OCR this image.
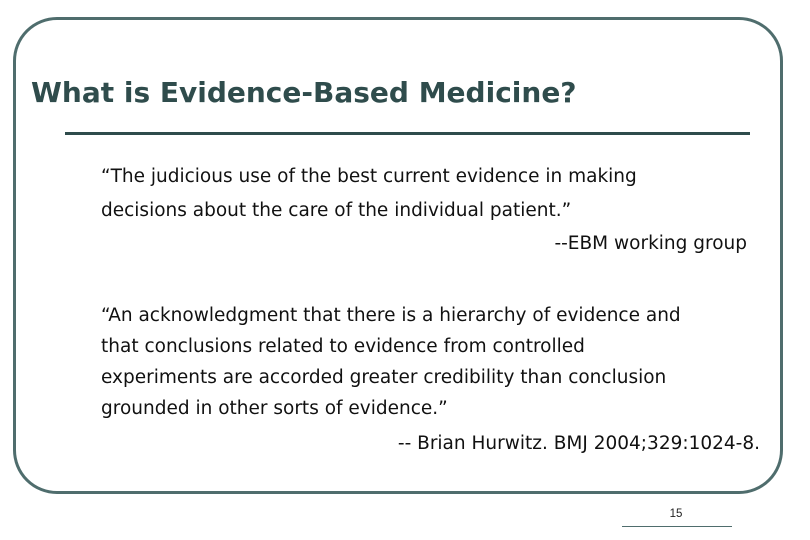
What is Evidence-Based Medicine?
“The judicious use of the best current evidence in making
decisions about the care of the individual patient.”
--EBM working group
“An acknowledgment that there is a hierarchy of evidence and
that conclusions related to evidence from controlled
experiments are accorded greater credibility than conclusion
grounded in other sorts of evidence.”
-- Brian Hurwitz. BMJ 2004;329:1024-8.
15
